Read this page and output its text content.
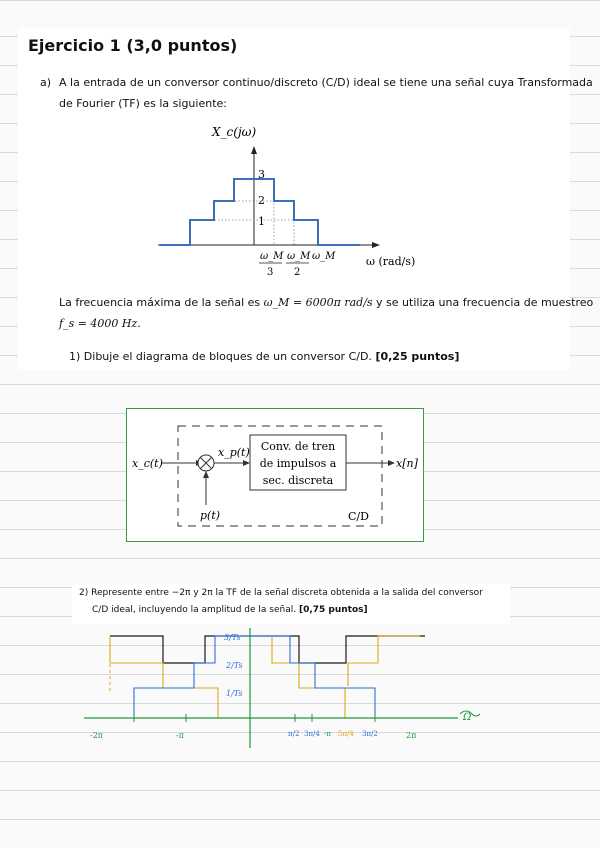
Ejercicio 1 (3,0 puntos)
a) A la entrada de un conversor continuo/discreto (C/D) ideal se tiene una señal cuya Transformada
de Fourier (TF) es la siguiente:
X_c(jω)
3
2
1
ω_M
3
ω_M
2
ω_M	ω (rad/s)
La frecuencia máxima de la señal es ω_M = 6000π rad/s y se utiliza una frecuencia de muestreo
f_s = 4000 Hz.
1) Dibuje el diagrama de bloques de un conversor C/D. [0,25 puntos]
x_c(t)
p(t)
x_p(t) Conv. de tren
de impulsos a
sec. discreta
x[n]
C/D
2) Represente entre −2π y 2π la TF de la señal discreta obtenida a la salida del conversor
C/D ideal, incluyendo la amplitud de la señal. [0,75 puntos]
Ω
3/Ts
2/Ts
1/Ts
-2π	-π	π/2 3π/4 -π 5π/4 3π/2	2π
